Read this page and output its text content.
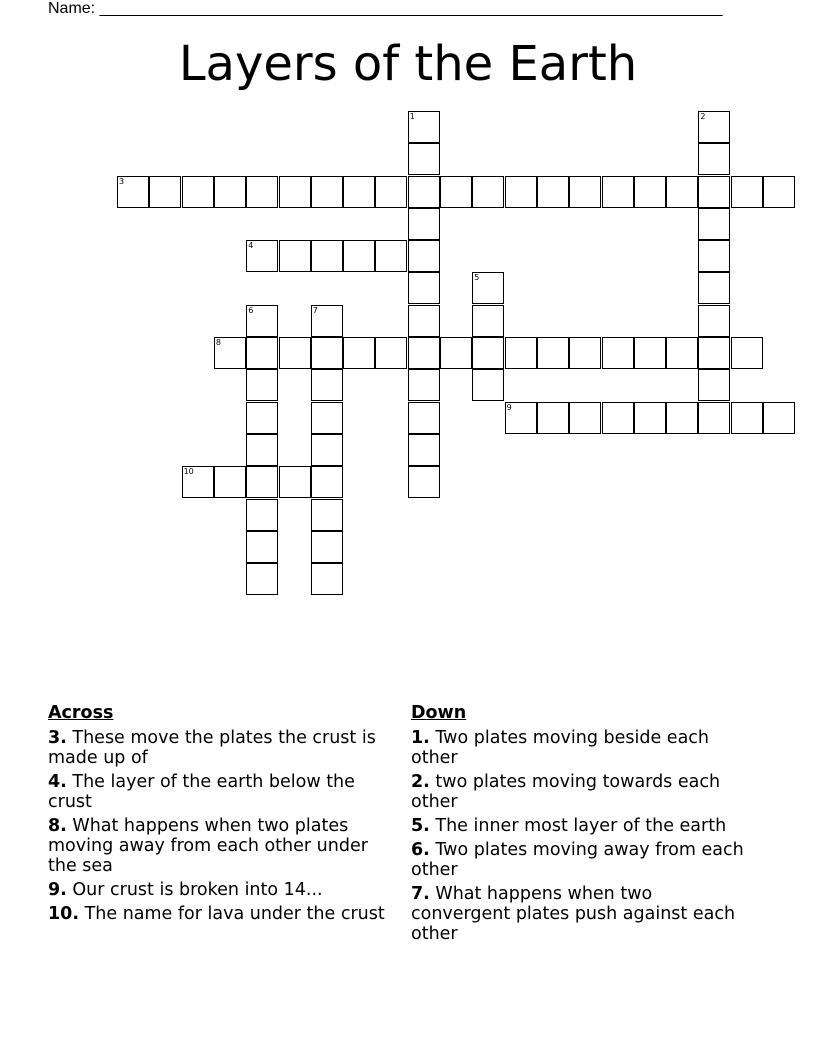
Name: ______________________________________________________________________
Layers of the Earth
1	2
3
4
5
6	7
8
9
10
Across
3. These move the plates the crust is made up of
4. The layer of the earth below the crust
8. What happens when two plates moving away from each other under the sea
9. Our crust is broken into 14...
10. The name for lava under the crust
Down
1. Two plates moving beside each other
2. two plates moving towards each other
5. The inner most layer of the earth
6. Two plates moving away from each other
7. What happens when two convergent plates push against each other
